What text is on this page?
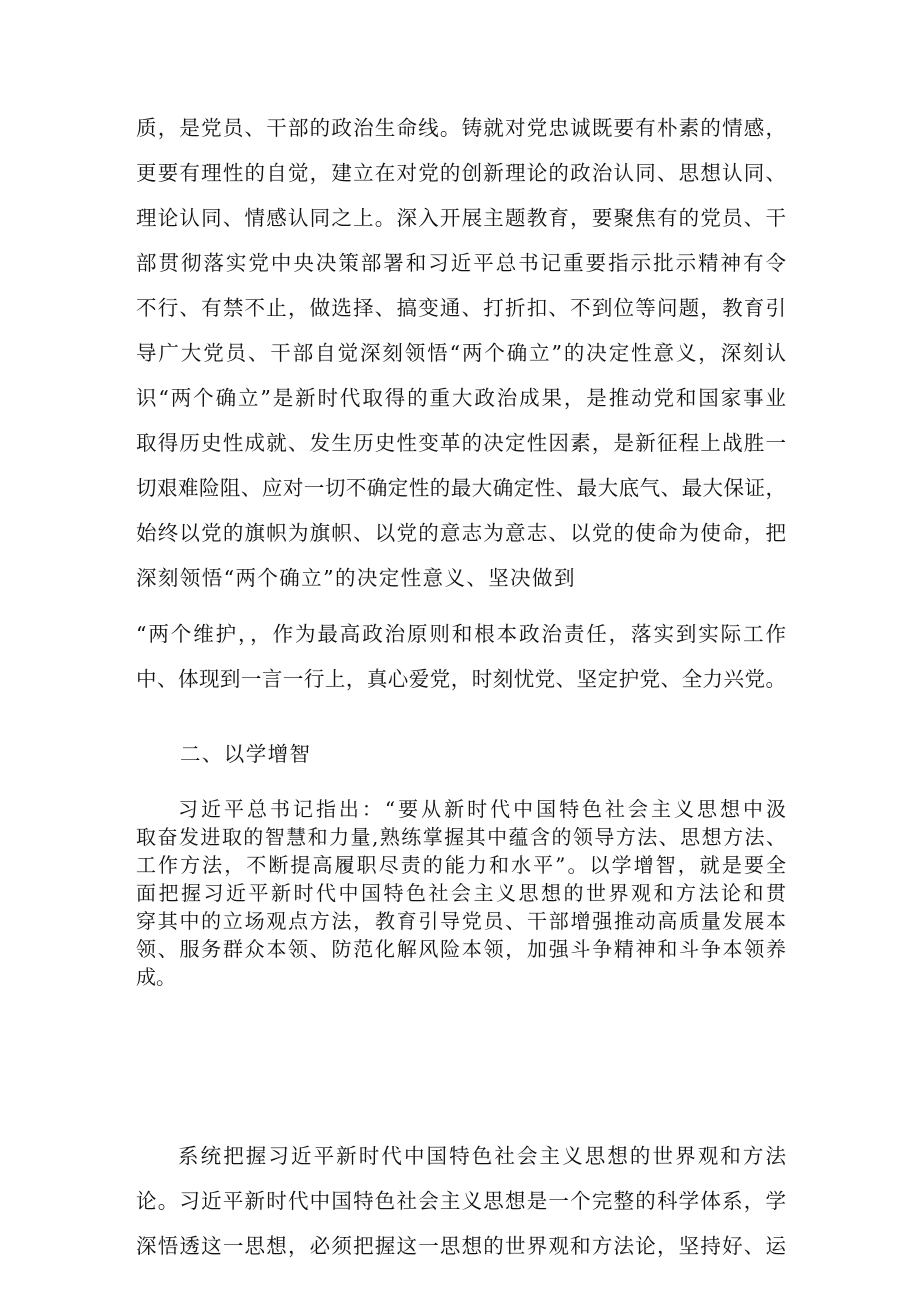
质，是党员、干部的政治生命线。铸就对党忠诚既要有朴素的情感，
更要有理性的自觉，建立在对党的创新理论的政治认同、思想认同、
理论认同、情感认同之上。深入开展主题教育，要聚焦有的党员、干
部贯彻落实党中央决策部署和习近平总书记重要指示批示精神有令
不行、有禁不止，做选择、搞变通、打折扣、不到位等问题，教育引
导广大党员、干部自觉深刻领悟“两个确立”的决定性意义，深刻认
识“两个确立”是新时代取得的重大政治成果，是推动党和国家事业
取得历史性成就、发生历史性变革的决定性因素，是新征程上战胜一
切艰难险阻、应对一切不确定性的最大确定性、最大底气、最大保证，
始终以党的旗帜为旗帜、以党的意志为意志、以党的使命为使命，把
深刻领悟“两个确立”的决定性意义、坚决做到
“两个维护，，作为最高政治原则和根本政治责任，落实到实际工作
中、体现到一言一行上，真心爱党，时刻忧党、坚定护党、全力兴党。
二、以学增智
习近平总书记指出：“要从新时代中国特色社会主义思想中汲
取奋发进取的智慧和力量,熟练掌握其中蕴含的领导方法、思想方法、
工作方法，不断提高履职尽责的能力和水平”。以学增智，就是要全
面把握习近平新时代中国特色社会主义思想的世界观和方法论和贯
穿其中的立场观点方法，教育引导党员、干部增强推动高质量发展本
领、服务群众本领、防范化解风险本领，加强斗争精神和斗争本领养
成。
系统把握习近平新时代中国特色社会主义思想的世界观和方法
论。习近平新时代中国特色社会主义思想是一个完整的科学体系，学
深悟透这一思想，必须把握这一思想的世界观和方法论，坚持好、运
